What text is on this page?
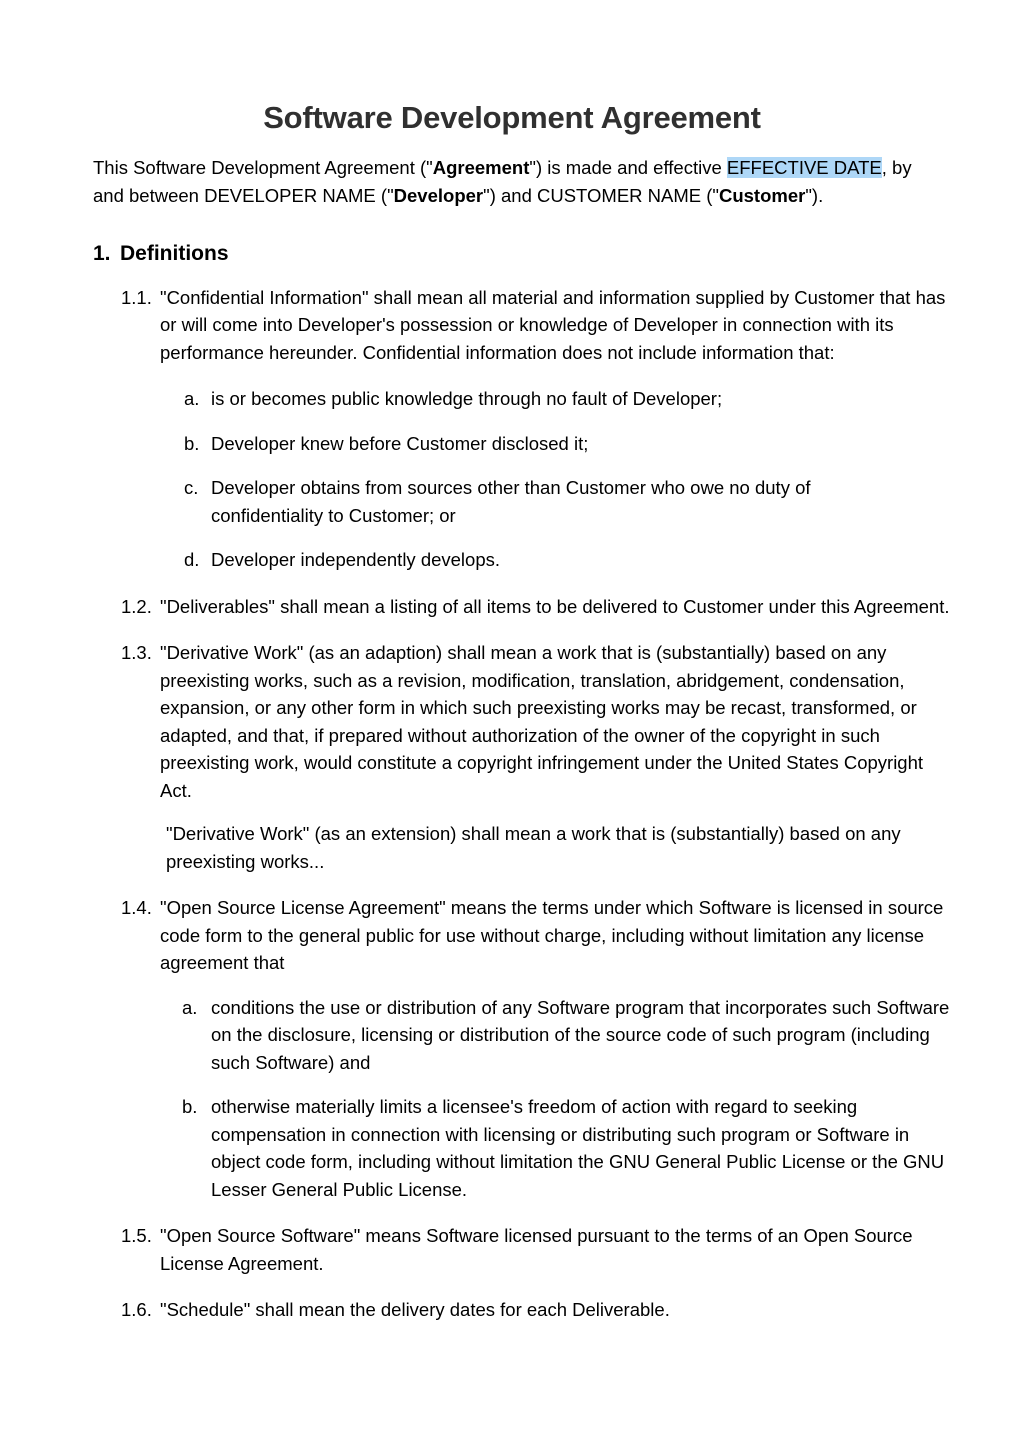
Software Development Agreement

This Software Development Agreement ("Agreement") is made and effective EFFECTIVE DATE, by and between DEVELOPER NAME ("Developer") and CUSTOMER NAME ("Customer").

1. Definitions
1.1. "Confidential Information" shall mean all material and information supplied by Customer that has or will come into Developer's possession or knowledge of Developer in connection with its performance hereunder. Confidential information does not include information that:
a. is or becomes public knowledge through no fault of Developer;
b. Developer knew before Customer disclosed it;
c. Developer obtains from sources other than Customer who owe no duty of confidentiality to Customer; or
d. Developer independently develops.
1.2. "Deliverables" shall mean a listing of all items to be delivered to Customer under this Agreement.
1.3. "Derivative Work" (as an adaption) shall mean a work that is (substantially) based on any preexisting works, such as a revision, modification, translation, abridgement, condensation, expansion, or any other form in which such preexisting works may be recast, transformed, or adapted, and that, if prepared without authorization of the owner of the copyright in such preexisting work, would constitute a copyright infringement under the United States Copyright Act.

"Derivative Work" (as an extension) shall mean a work that is (substantially) based on any preexisting works...

1.4. "Open Source License Agreement" means the terms under which Software is licensed in source code form to the general public for use without charge, including without limitation any license agreement that
a. conditions the use or distribution of any Software program that incorporates such Software on the disclosure, licensing or distribution of the source code of such program (including such Software) and
b. otherwise materially limits a licensee's freedom of action with regard to seeking compensation in connection with licensing or distributing such program or Software in object code form, including without limitation the GNU General Public License or the GNU Lesser General Public License.
1.5. "Open Source Software" means Software licensed pursuant to the terms of an Open Source License Agreement.
1.6. "Schedule" shall mean the delivery dates for each Deliverable.
